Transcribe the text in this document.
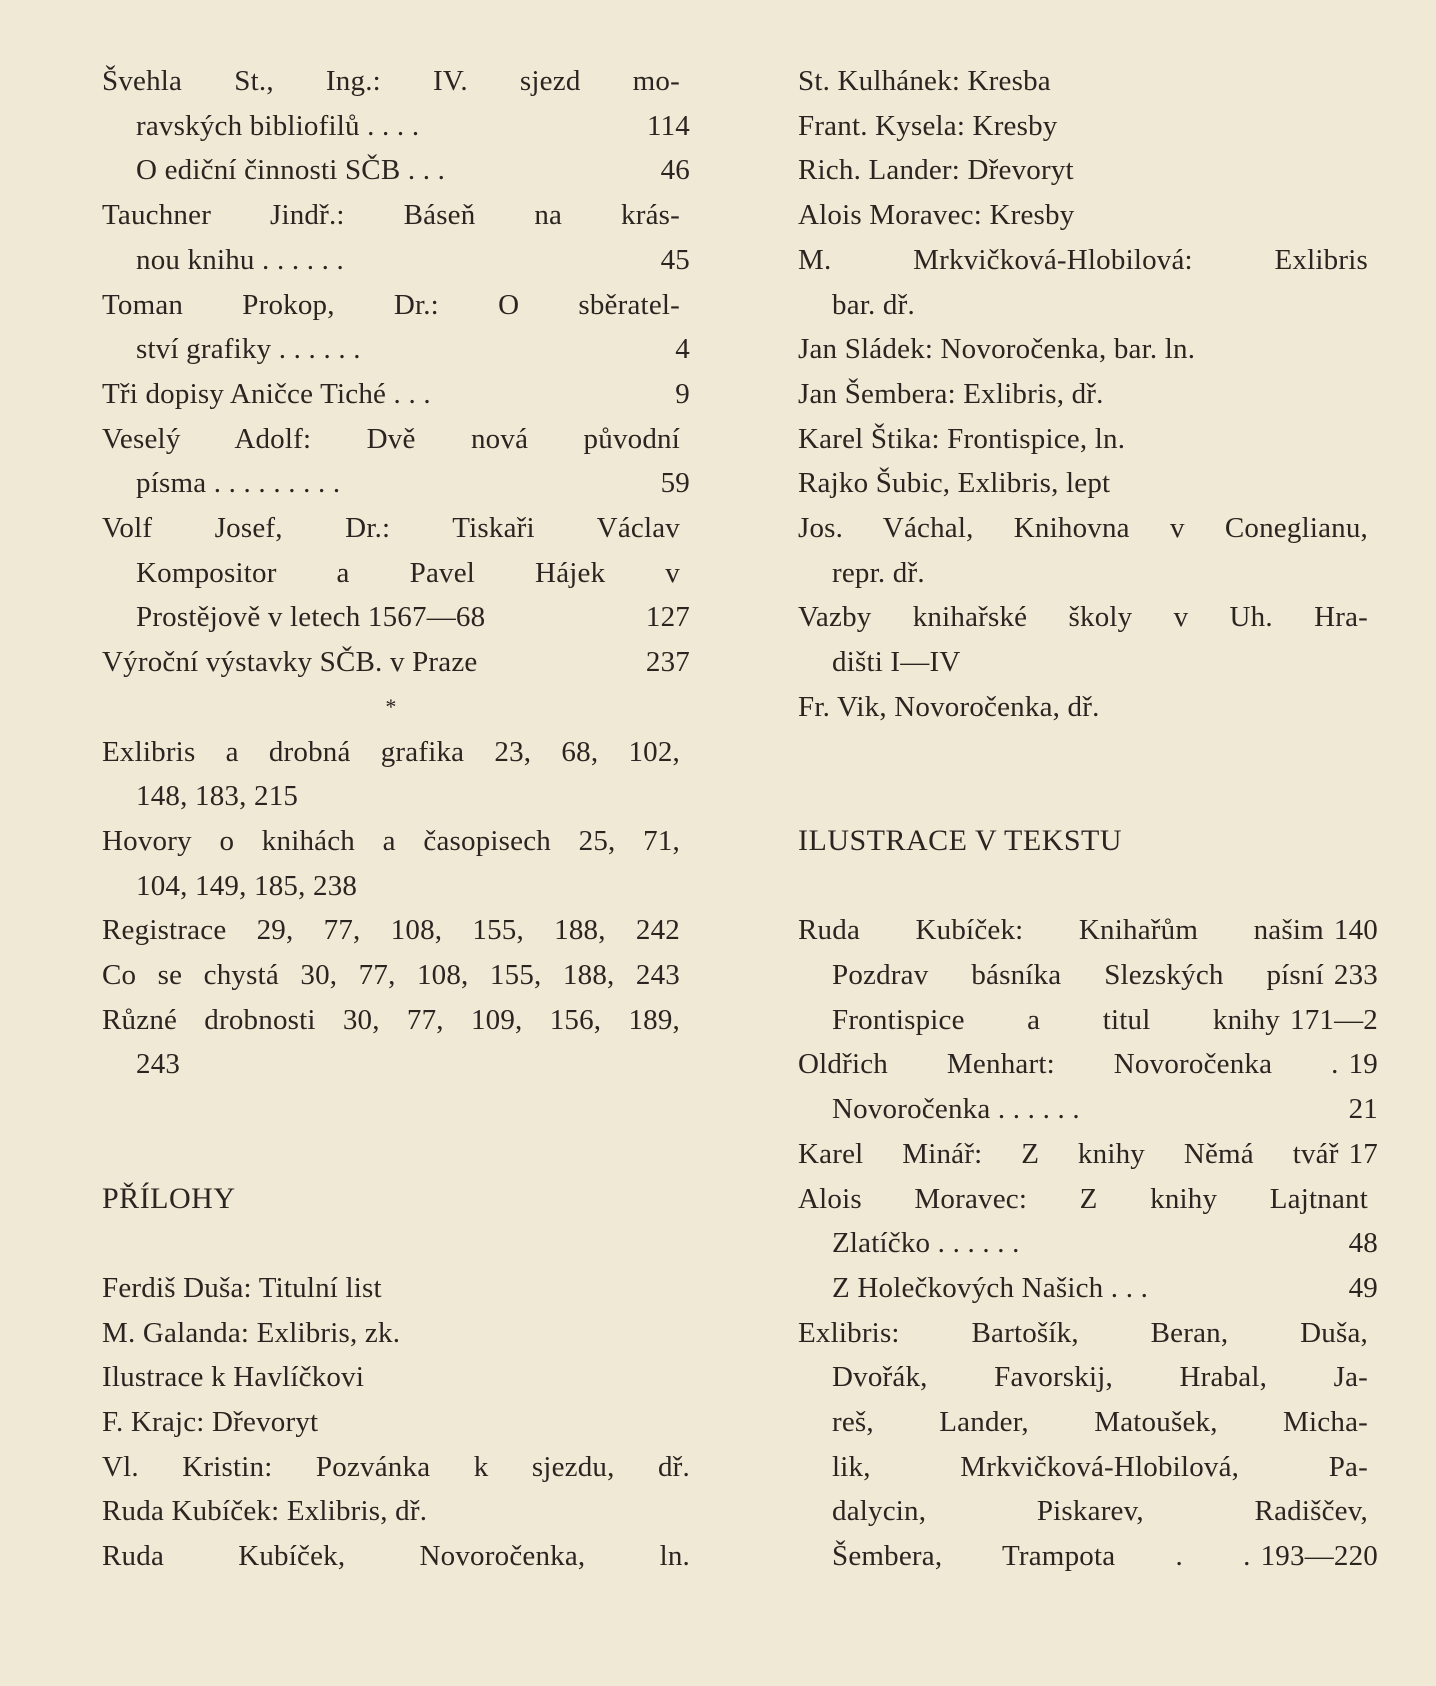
Švehla St., Ing.: IV. sjezd mo-
ravských bibliofilů . . . .	114
O ediční činnosti SČB . . .	46
Tauchner Jindř.: Báseň na krás-
nou knihu . . . . . .	45
Toman Prokop, Dr.: O sběratel-
ství grafiky . . . . . .	4
Tři dopisy Aničce Tiché . . .	9
Veselý Adolf: Dvě nová původní
písma . . . . . . . . .	59
Volf Josef, Dr.: Tiskaři Václav
Kompositor a Pavel Hájek v
Prostějově v letech 1567—68	127
Výroční výstavky SČB. v Praze	237
*
Exlibris a drobná grafika 23, 68, 102,
148, 183, 215
Hovory o knihách a časopisech 25, 71,
104, 149, 185, 238
Registrace 29, 77, 108, 155, 188, 242
Co se chystá 30, 77, 108, 155, 188, 243
Různé drobnosti 30, 77, 109, 156, 189,
243
PŘÍLOHY
Ferdiš Duša: Titulní list
M. Galanda: Exlibris, zk.
Ilustrace k Havlíčkovi
F. Krajc: Dřevoryt
Vl. Kristin: Pozvánka k sjezdu, dř.
Ruda Kubíček: Exlibris, dř.
Ruda Kubíček, Novoročenka, ln.
St. Kulhánek: Kresba
Frant. Kysela: Kresby
Rich. Lander: Dřevoryt
Alois Moravec: Kresby
M. Mrkvičková-Hlobilová: Exlibris
bar. dř.
Jan Sládek: Novoročenka, bar. ln.
Jan Šembera: Exlibris, dř.
Karel Štika: Frontispice, ln.
Rajko Šubic, Exlibris, lept
Jos. Váchal, Knihovna v Coneglianu,
repr. dř.
Vazby knihařské školy v Uh. Hra-
dišti I—IV
Fr. Vik, Novoročenka, dř.
ILUSTRACE V TEKSTU
Ruda Kubíček: Knihařům našim 140
Pozdrav básníka Slezských písní 233
Frontispice a titul knihy 171—2
Oldřich Menhart: Novoročenka . 19
Novoročenka . . . . . .	21
Karel Minář: Z knihy Němá tvář 17
Alois Moravec: Z knihy Lajtnant
Zlatíčko . . . . . .	48
Z Holečkových Našich . . .	49
Exlibris: Bartošík, Beran, Duša,
Dvořák, Favorskij, Hrabal, Ja-
reš, Lander, Matoušek, Micha-
lik, Mrkvičková-Hlobilová, Pa-
dalycin, Piskarev, Radiščev,
Šembera, Trampota . . 193—220
